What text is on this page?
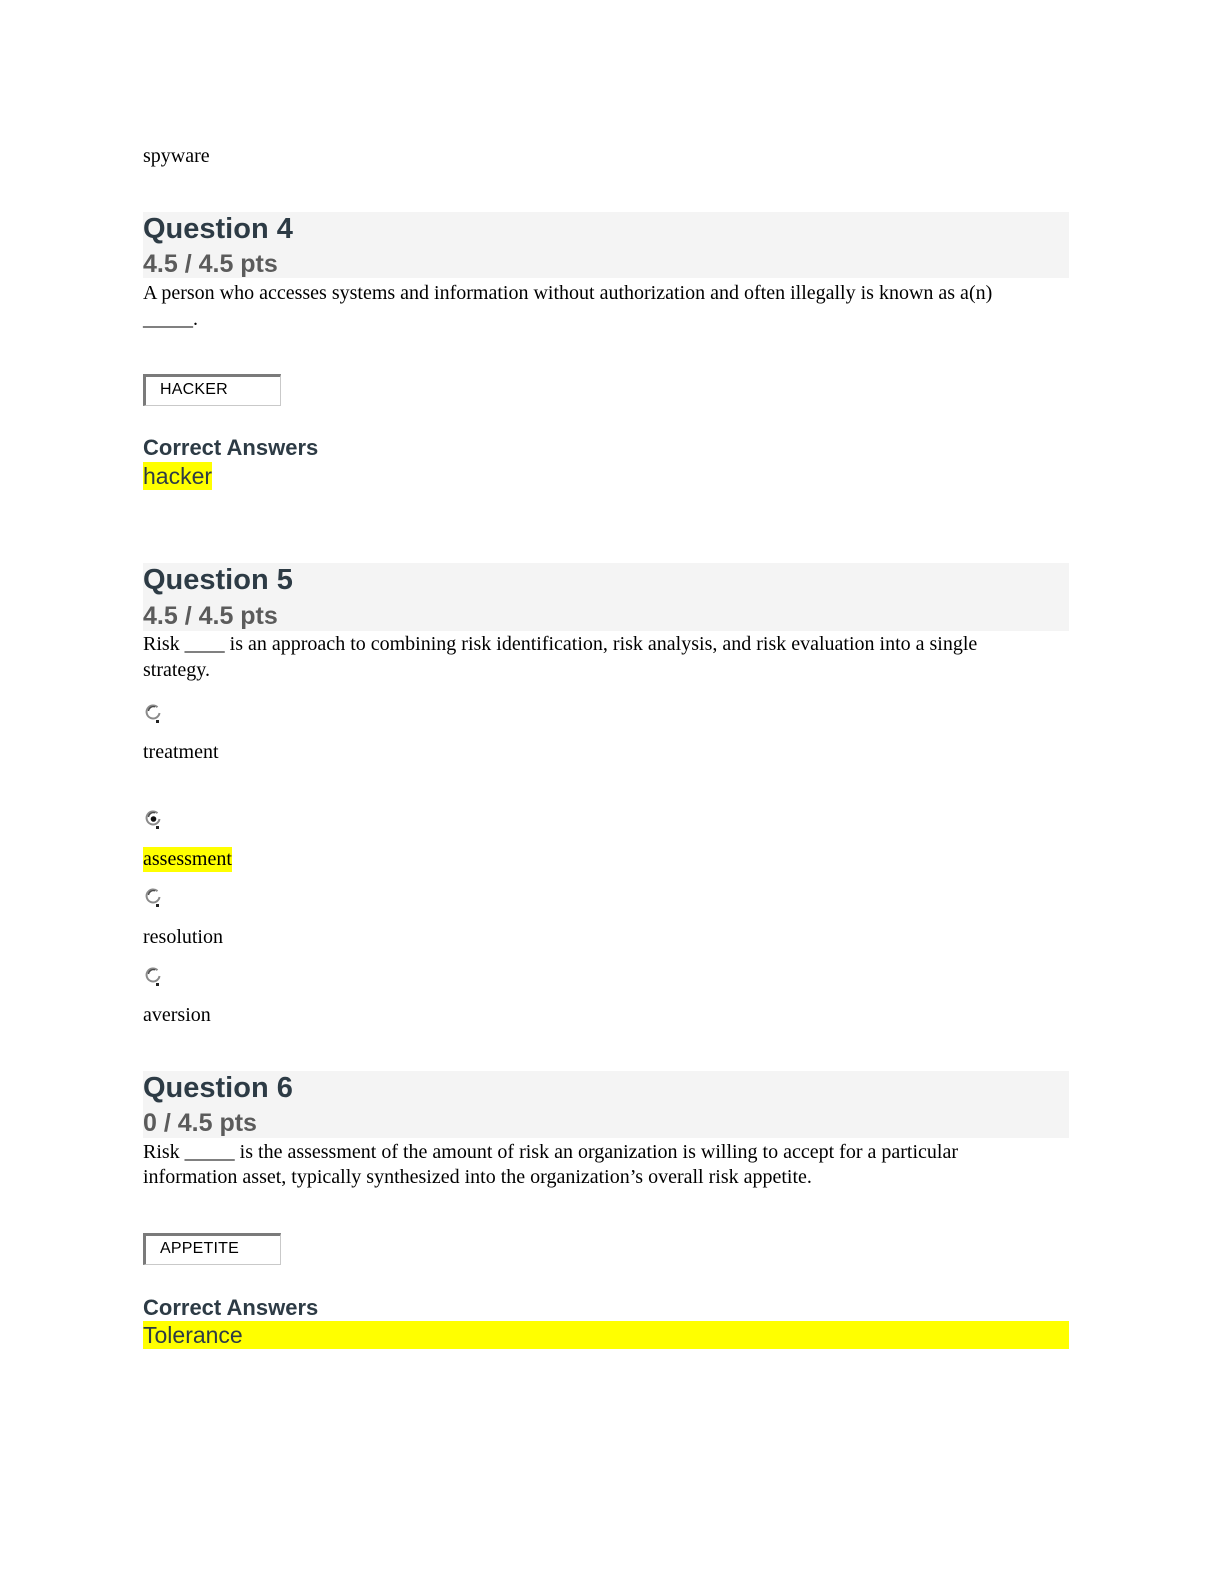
spyware
Question 4
4.5 / 4.5 pts
A person who accesses systems and information without authorization and often illegally is known as a(n)
_____.
HACKER
Correct Answers
hacker
Question 5
4.5 / 4.5 pts
Risk ____ is an approach to combining risk identification, risk analysis, and risk evaluation into a single
strategy.
treatment
assessment
resolution
aversion
Question 6
0 / 4.5 pts
Risk _____ is the assessment of the amount of risk an organization is willing to accept for a particular
information asset, typically synthesized into the organization’s overall risk appetite.
APPETITE
Correct Answers
Tolerance
